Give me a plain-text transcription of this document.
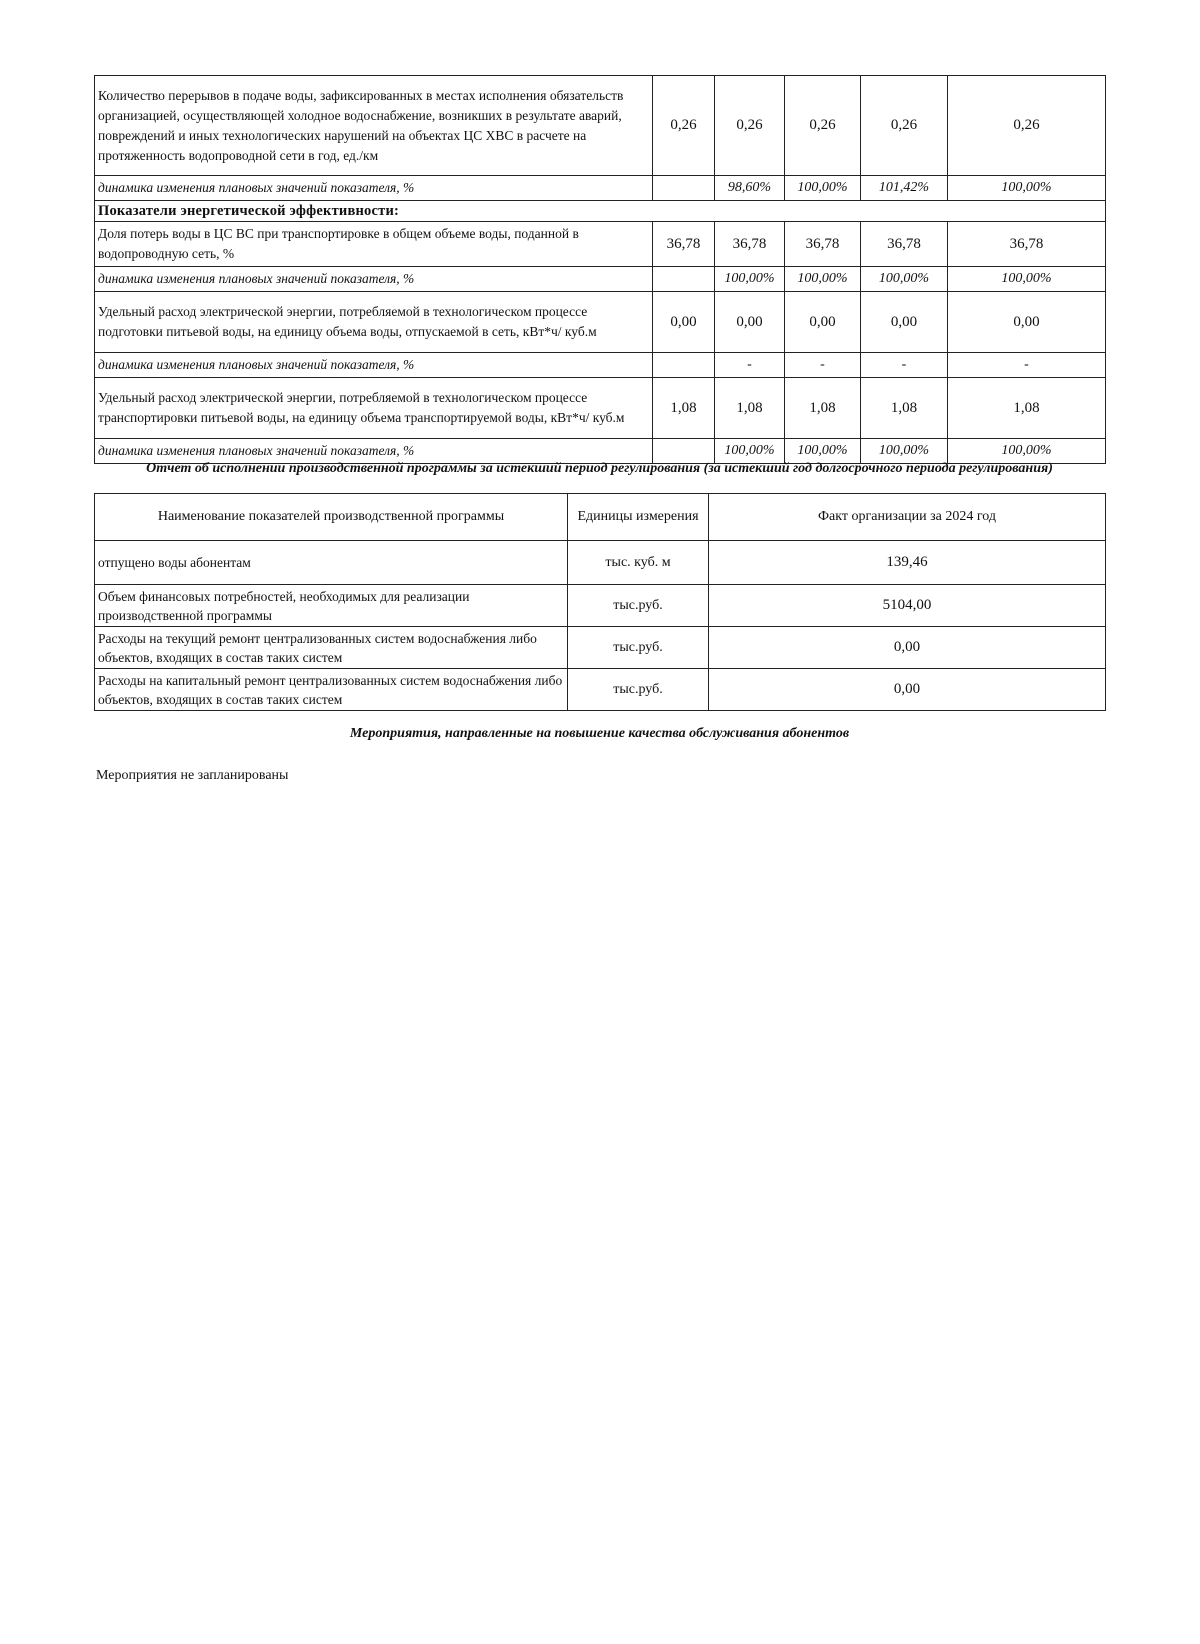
Количество перерывов в подаче воды, зафиксированных в местах исполнения обязательств организацией, осуществляющей холодное водоснабжение, возникших в результате аварий, повреждений и иных технологических нарушений на объектах ЦС ХВС в расчете на протяженность водопроводной сети в год, ед./км	0,26	0,26	0,26	0,26	0,26
динамика изменения плановых значений показателя, %		98,60%	100,00%	101,42%	100,00%
Показатели энергетической эффективности:					
Доля потерь воды в ЦС ВС при транспортировке в общем объеме воды, поданной в водопроводную сеть, %	36,78	36,78	36,78	36,78	36,78
динамика изменения плановых значений показателя, %		100,00%	100,00%	100,00%	100,00%
Удельный расход электрической энергии, потребляемой в технологическом процессе подготовки питьевой воды, на единицу объема воды, отпускаемой в сеть, кВт*ч/ куб.м	0,00	0,00	0,00	0,00	0,00
динамика изменения плановых значений показателя, %		-	-	-	-
Удельный расход электрической энергии, потребляемой в технологическом процессе транспортировки питьевой воды, на единицу объема транспортируемой воды, кВт*ч/ куб.м	1,08	1,08	1,08	1,08	1,08
динамика изменения плановых значений показателя, %		100,00%	100,00%	100,00%	100,00%

Отчет об исполнении производственной программы за истекший период регулирования (за истекший год долгосрочного периода регулирования)

Наименование показателей производственной программы	Единицы измерения	Факт организации за 2024 год
отпущено воды абонентам	тыс. куб. м	139,46
Объем финансовых потребностей, необходимых для реализации производственной программы	тыс.руб.	5104,00
Расходы на текущий ремонт централизованных систем водоснабжения либо объектов, входящих в состав таких систем	тыс.руб.	0,00
Расходы на капитальный ремонт централизованных систем водоснабжения либо объектов, входящих в состав таких систем	тыс.руб.	0,00

Мероприятия, направленные на повышение качества обслуживания абонентов

Мероприятия не запланированы
